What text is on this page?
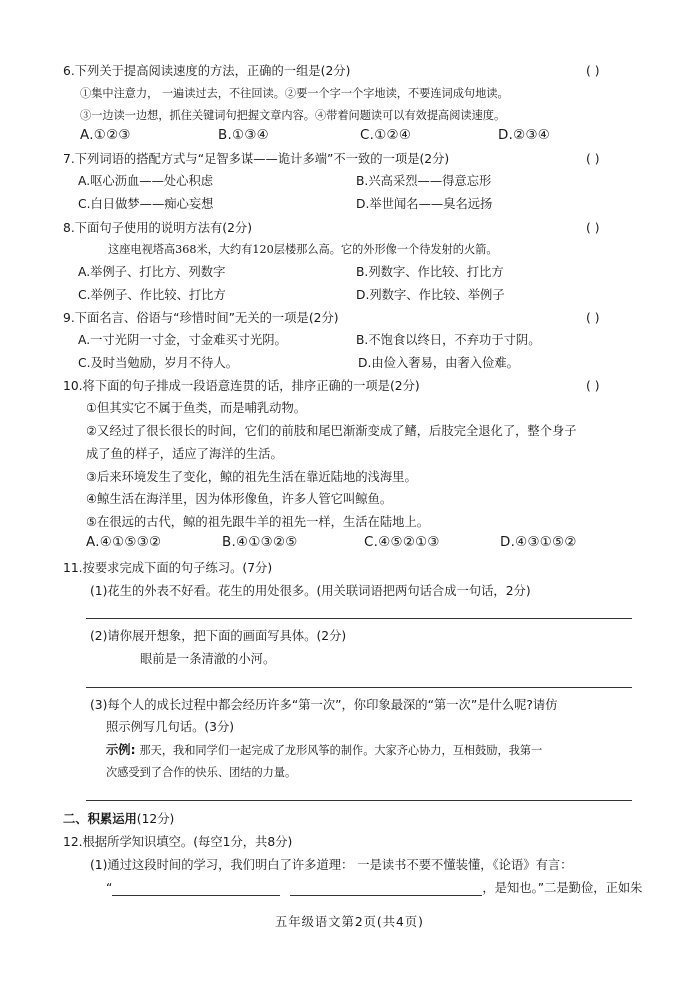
6.下列关于提高阅读速度的方法，正确的一组是(2分)	( )
①集中注意力， 一遍读过去，不往回读。②要一个字一个字地读，不要连词成句地读。
③一边读一边想，抓住关键词句把握文章内容。④带着问题读可以有效提高阅读速度。
A.①②③	B.①③④	C.①②④	D.②③④
7.下列词语的搭配方式与“足智多谋——诡计多端”不一致的一项是(2分)	( )
A.呕心沥血——处心积虑	B.兴高采烈——得意忘形
C.白日做梦——痴心妄想	D.举世闻名——臭名远扬
8.下面句子使用的说明方法有(2分)	( )
这座电视塔高368米，大约有120层楼那么高。它的外形像一个待发射的火箭。
A.举例子、打比方、列数字	B.列数字、作比较、打比方
C.举例子、作比较、打比方	D.列数字、作比较、举例子
9.下面名言、俗语与“珍惜时间”无关的一项是(2分)	( )
A.一寸光阴一寸金，寸金难买寸光阴。	B.不饱食以终日，不弃功于寸阴。
C.及时当勉励，岁月不待人。	D.由俭入奢易，由奢入俭难。
10.将下面的句子排成一段语意连贯的话，排序正确的一项是(2分)	( )
①但其实它不属于鱼类，而是哺乳动物。
②又经过了很长很长的时间，它们的前肢和尾巴渐渐变成了鳍，后肢完全退化了，整个身子
成了鱼的样子，适应了海洋的生活。
③后来环境发生了变化，鲸的祖先生活在靠近陆地的浅海里。
④鲸生活在海洋里，因为体形像鱼，许多人管它叫鲸鱼。
⑤在很远的古代，鲸的祖先跟牛羊的祖先一样，生活在陆地上。
A.④①⑤③②	B.④①③②⑤	C.④⑤②①③	D.④③①⑤②
11.按要求完成下面的句子练习。(7分)
(1)花生的外表不好看。花生的用处很多。(用关联词语把两句话合成一句话，2分)
(2)请你展开想象，把下面的画面写具体。(2分)
眼前是一条清澈的小河。
(3)每个人的成长过程中都会经历许多“第一次”，你印象最深的“第一次”是什么呢?请仿
照示例写几句话。(3分)
示例: 那天，我和同学们一起完成了龙形风筝的制作。大家齐心协力，互相鼓励，我第一
次感受到了合作的快乐、团结的力量。
二、积累运用(12分)
12.根据所学知识填空。(每空1分，共8分)
(1)通过这段时间的学习，我们明白了许多道理： 一是读书不要不懂装懂，《论语》有言：
“	，是知也。”二是勤俭，正如朱
五年级语文第2页(共4页)
